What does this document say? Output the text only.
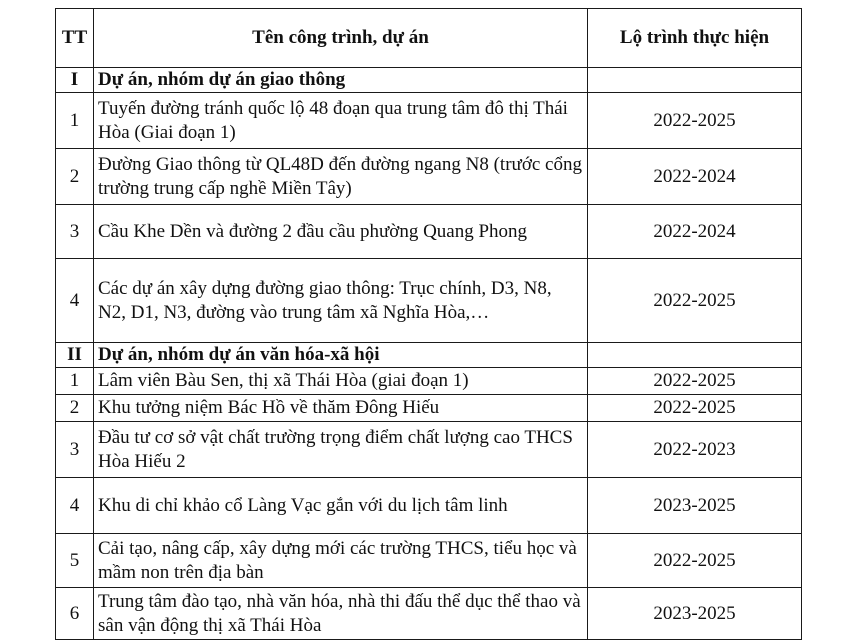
TT	Tên công trình, dự án	Lộ trình thực hiện
I	Dự án, nhóm dự án giao thông	
1	Tuyến đường tránh quốc lộ 48 đoạn qua trung tâm đô thị Thái Hòa (Giai đoạn 1)	2022-2025
2	Đường Giao thông từ QL48D đến đường ngang N8 (trước cổng trường trung cấp nghề Miền Tây)	2022-2024
3	Cầu Khe Dền và đường 2 đầu cầu phường Quang Phong	2022-2024
4	Các dự án xây dựng đường giao thông: Trục chính, D3, N8, N2, D1, N3, đường vào trung tâm xã Nghĩa Hòa,…	2022-2025
II	Dự án, nhóm dự án văn hóa-xã hội	
1	Lâm viên Bàu Sen, thị xã Thái Hòa (giai đoạn 1)	2022-2025
2	Khu tưởng niệm Bác Hồ về thăm Đông Hiếu	2022-2025
3	Đầu tư cơ sở vật chất trường trọng điểm chất lượng cao THCS Hòa Hiếu 2	2022-2023
4	Khu di chỉ khảo cổ Làng Vạc gắn với du lịch tâm linh	2023-2025
5	Cải tạo, nâng cấp, xây dựng mới các trường THCS, tiểu học và mầm non trên địa bàn	2022-2025
6	Trung tâm đào tạo, nhà văn hóa, nhà thi đấu thể dục thể thao và sân vận động thị xã Thái Hòa	2023-2025
